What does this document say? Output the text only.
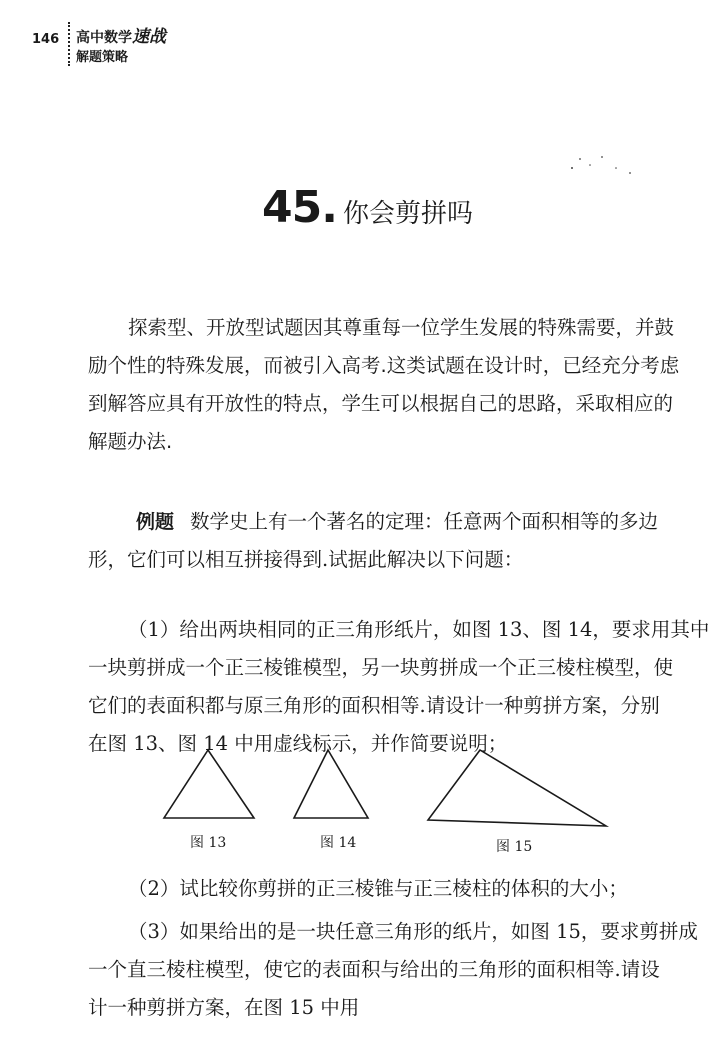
146 高中数学速战
解题策略
45. 你会剪拼吗

探索型、开放型试题因其尊重每一位学生发展的特殊需要，并鼓
励个性的特殊发展，而被引入高考.这类试题在设计时，已经充分考虑
到解答应具有开放性的特点，学生可以根据自己的思路，采取相应的
解题办法.

例题 数学史上有一个著名的定理：任意两个面积相等的多边
形，它们可以相互拼接得到.试据此解决以下问题：

（1）给出两块相同的正三角形纸片，如图 13、图 14，要求用其中
一块剪拼成一个正三棱锥模型，另一块剪拼成一个正三棱柱模型，使
它们的表面积都与原三角形的面积相等.请设计一种剪拼方案，分别
在图 13、图 14 中用虚线标示，并作简要说明；

图 13	图 14	图 15

（2）试比较你剪拼的正三棱锥与正三棱柱的体积的大小；

（3）如果给出的是一块任意三角形的纸片，如图 15，要求剪拼成
一个直三棱柱模型，使它的表面积与给出的三角形的面积相等.请设
计一种剪拼方案，在图 15 中用
